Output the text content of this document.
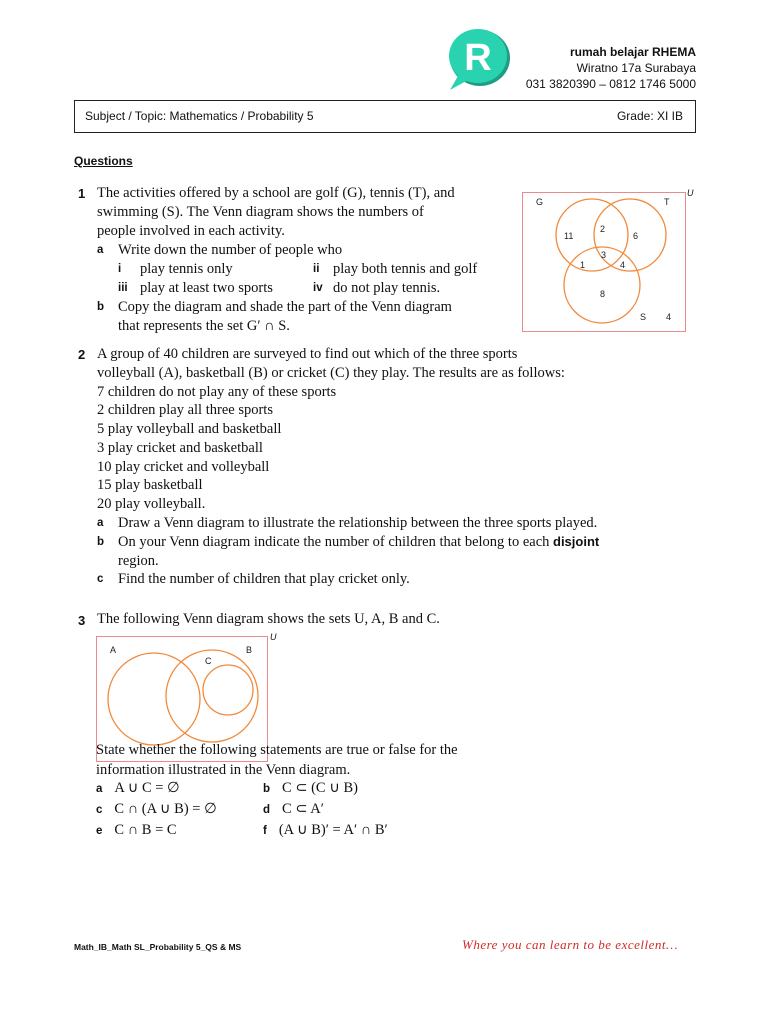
R	rumah belajar RHEMA
Wiratno 17a Surabaya
031 3820390 – 0812 1746 5000
Subject / Topic: Mathematics / Probability 5	Grade: XI IB
Questions
1 The activities offered by a school are golf (G), tennis (T), and
swimming (S). The Venn diagram shows the numbers of
people involved in each activity.
a Write down the number of people who
i play tennis only	ii play both tennis and golf
iii play at least two sports	iv do not play tennis.
b Copy the diagram and shade the part of the Venn diagram
that represents the set G′ ∩ S.
G	T
S
11
2
6
1
3
4
8
4
U
2 A group of 40 children are surveyed to find out which of the three sports
volleyball (A), basketball (B) or cricket (C) they play. The results are as follows:
7 children do not play any of these sports
2 children play all three sports
5 play volleyball and basketball
3 play cricket and basketball
10 play cricket and volleyball
15 play basketball
20 play volleyball.
a Draw a Venn diagram to illustrate the relationship between the three sports played.
b On your Venn diagram indicate the number of children that belong to each disjoint
region.
c Find the number of children that play cricket only.
3 The following Venn diagram shows the sets U, A, B and C.
A	B
C
U
State whether the following statements are true or false for the
information illustrated in the Venn diagram.
a A ∪ C = ∅	b C ⊂ (C ∪ B)
c C ∩ (A ∪ B) = ∅	d C ⊂ A′
e C ∩ B = C	f (A ∪ B)′ = A′ ∩ B′
Math_IB_Math SL_Probability 5_QS & MS	Where you can learn to be excellent…
